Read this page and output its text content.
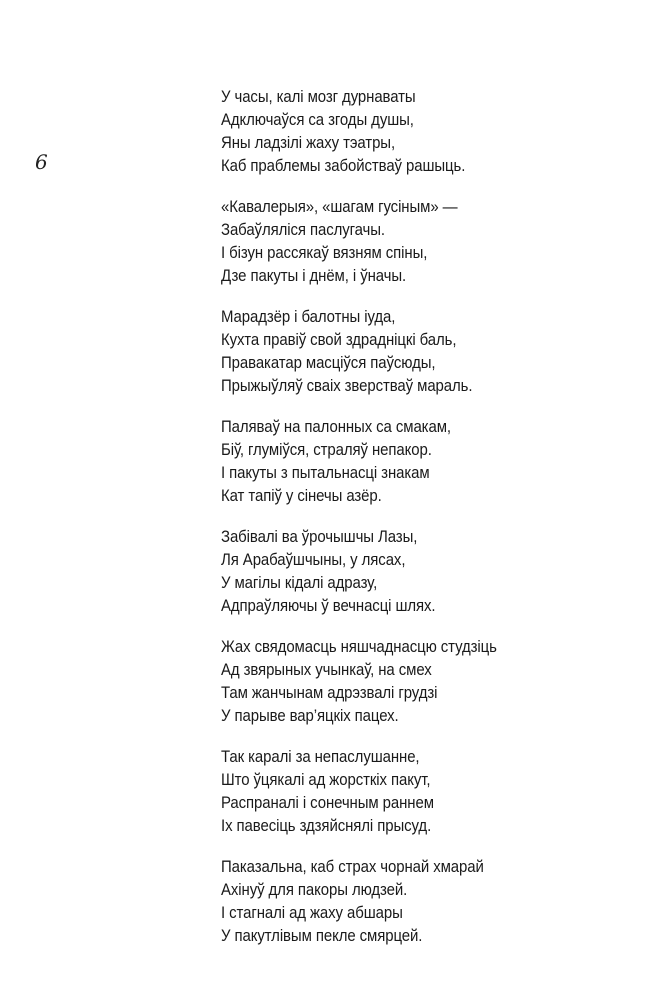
6
У часы, калі мозг дурнаваты
Адключаўся са згоды душы,
Яны ладзілі жаху тэатры,
Каб праблемы забойстваў рашыць.
«Кавалерыя», «шагам гусіным» —
Забаўляліся паслугачы.
І бізун рассякаў вязням спіны,
Дзе пакуты і днём, і ўначы.
Марадзёр і балотны іуда,
Кухта правіў свой здрадніцкі баль,
Правакатар масціўся паўсюды,
Прыжыўляў сваіх зверстваў мараль.
Паляваў на палонных са смакам,
Біў, глуміўся, страляў непакор.
І пакуты з пытальнасці знакам
Кат тапіў у сінечы азёр.
Забівалі ва ўрочышчы Лазы,
Ля Арабаўшчыны, у лясах,
У магілы кідалі адразу,
Адпраўляючы ў вечнасці шлях.
Жах свядомасць няшчаднасцю студзіць
Ад звярыных учынкаў, на смех
Там жанчынам адрэзвалі грудзі
У парыве вар’яцкіх пацех.
Так каралі за непаслушанне,
Што ўцякалі ад жорсткіх пакут,
Распраналі і сонечным раннем
Іх павесіць здзяйснялі прысуд.
Паказальна, каб страх чорнай хмарай
Ахінуў для пакоры людзей.
І стагналі ад жаху абшары
У пакутлівым пекле смярцей.
